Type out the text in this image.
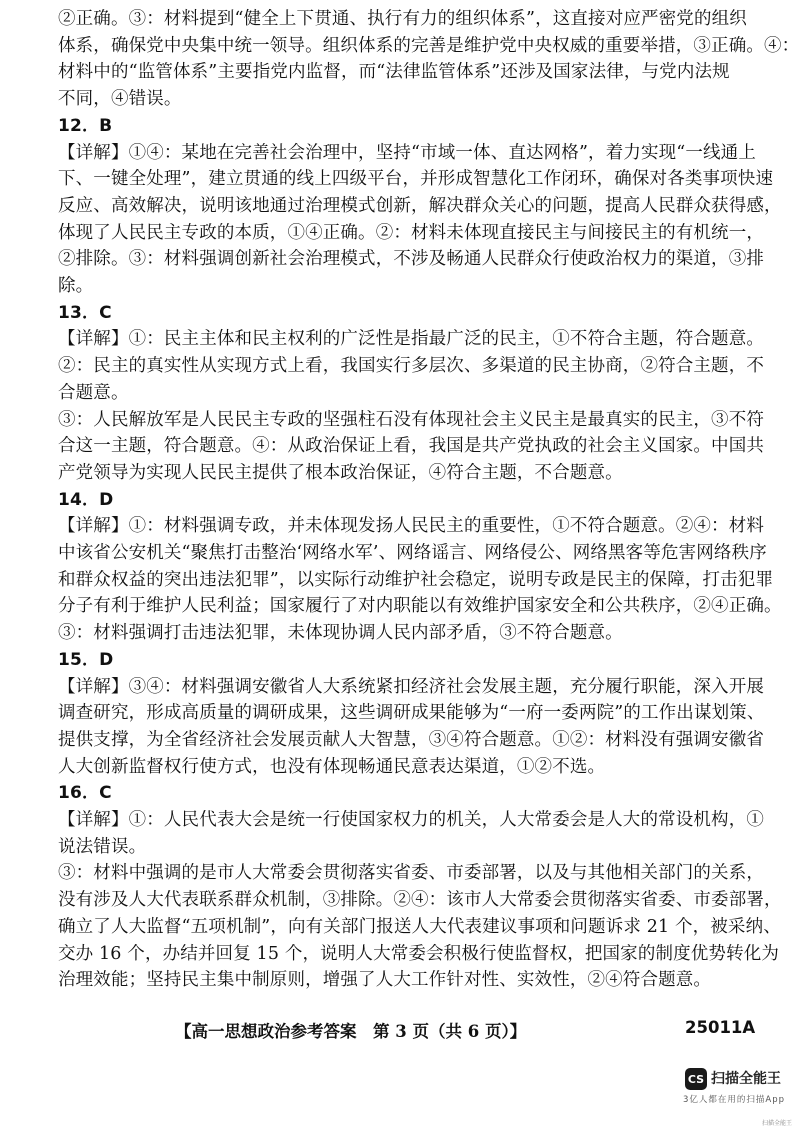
②正确。③：材料提到“健全上下贯通、执行有力的组织体系”，这直接对应严密党的组织
体系，确保党中央集中统一领导。组织体系的完善是维护党中央权威的重要举措，③正确。④：
材料中的“监管体系”主要指党内监督，而“法律监管体系”还涉及国家法律，与党内法规
不同，④错误。
12．B
【详解】①④：某地在完善社会治理中，坚持“市域一体、直达网格”，着力实现“一线通上
下、一键全处理”，建立贯通的线上四级平台，并形成智慧化工作闭环，确保对各类事项快速
反应、高效解决，说明该地通过治理模式创新，解决群众关心的问题，提高人民群众获得感，
体现了人民民主专政的本质，①④正确。②：材料未体现直接民主与间接民主的有机统一，
②排除。③：材料强调创新社会治理模式，不涉及畅通人民群众行使政治权力的渠道，③排
除。
13．C
【详解】①：民主主体和民主权利的广泛性是指最广泛的民主，①不符合主题，符合题意。
②：民主的真实性从实现方式上看，我国实行多层次、多渠道的民主协商，②符合主题，不
合题意。
③：人民解放军是人民民主专政的坚强柱石没有体现社会主义民主是最真实的民主，③不符
合这一主题，符合题意。④：从政治保证上看，我国是共产党执政的社会主义国家。中国共
产党领导为实现人民民主提供了根本政治保证，④符合主题，不合题意。
14．D
【详解】①：材料强调专政，并未体现发扬人民民主的重要性，①不符合题意。②④：材料
中该省公安机关“聚焦打击整治‘网络水军’、网络谣言、网络侵公、网络黑客等危害网络秩序
和群众权益的突出违法犯罪”，以实际行动维护社会稳定，说明专政是民主的保障，打击犯罪
分子有利于维护人民利益；国家履行了对内职能以有效维护国家安全和公共秩序，②④正确。
③：材料强调打击违法犯罪，未体现协调人民内部矛盾，③不符合题意。
15．D
【详解】③④：材料强调安徽省人大系统紧扣经济社会发展主题，充分履行职能，深入开展
调查研究，形成高质量的调研成果，这些调研成果能够为“一府一委两院”的工作出谋划策、
提供支撑，为全省经济社会发展贡献人大智慧，③④符合题意。①②：材料没有强调安徽省
人大创新监督权行使方式，也没有体现畅通民意表达渠道，①②不选。
16．C
【详解】①：人民代表大会是统一行使国家权力的机关，人大常委会是人大的常设机构，①
说法错误。
③：材料中强调的是市人大常委会贯彻落实省委、市委部署，以及与其他相关部门的关系，
没有涉及人大代表联系群众机制，③排除。②④：该市人大常委会贯彻落实省委、市委部署，
确立了人大监督“五项机制”，向有关部门报送人大代表建议事项和问题诉求 21 个，被采纳、
交办 16 个，办结并回复 15 个，说明人大常委会积极行使监督权，把国家的制度优势转化为
治理效能；坚持民主集中制原则，增强了人大工作针对性、实效性，②④符合题意。
【高一思想政治参考答案　第 3 页（共 6 页）】	25011A
CS 扫描全能王
3亿人都在用的扫描App
扫描全能王
